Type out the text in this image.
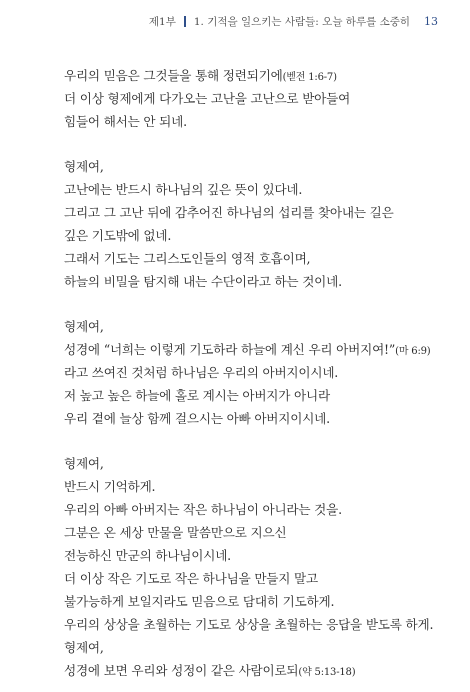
제1부 1. 기적을 일으키는 사람들: 오늘 하루를 소중히 13
우리의 믿음은 그것들을 통해 정련되기에(벧전 1:6-7)
더 이상 형제에게 다가오는 고난을 고난으로 받아들여
힘들어 해서는 안 되네.
형제여,
고난에는 반드시 하나님의 깊은 뜻이 있다네.
그리고 그 고난 뒤에 감추어진 하나님의 섭리를 찾아내는 길은
깊은 기도밖에 없네.
그래서 기도는 그리스도인들의 영적 호흡이며,
하늘의 비밀을 탐지해 내는 수단이라고 하는 것이네.
형제여,
성경에 “너희는 이렇게 기도하라 하늘에 계신 우리 아버지여!”(마 6:9)
라고 쓰여진 것처럼 하나님은 우리의 아버지이시네.
저 높고 높은 하늘에 홀로 계시는 아버지가 아니라
우리 곁에 늘상 함께 걸으시는 아빠 아버지이시네.
형제여,
반드시 기억하게.
우리의 아빠 아버지는 작은 하나님이 아니라는 것을.
그분은 온 세상 만물을 말씀만으로 지으신
전능하신 만군의 하나님이시네.
더 이상 작은 기도로 작은 하나님을 만들지 말고
불가능하게 보일지라도 믿음으로 담대히 기도하게.
우리의 상상을 초월하는 기도로 상상을 초월하는 응답을 받도록 하게.
형제여,
성경에 보면 우리와 성정이 같은 사람이로되(약 5:13-18)
